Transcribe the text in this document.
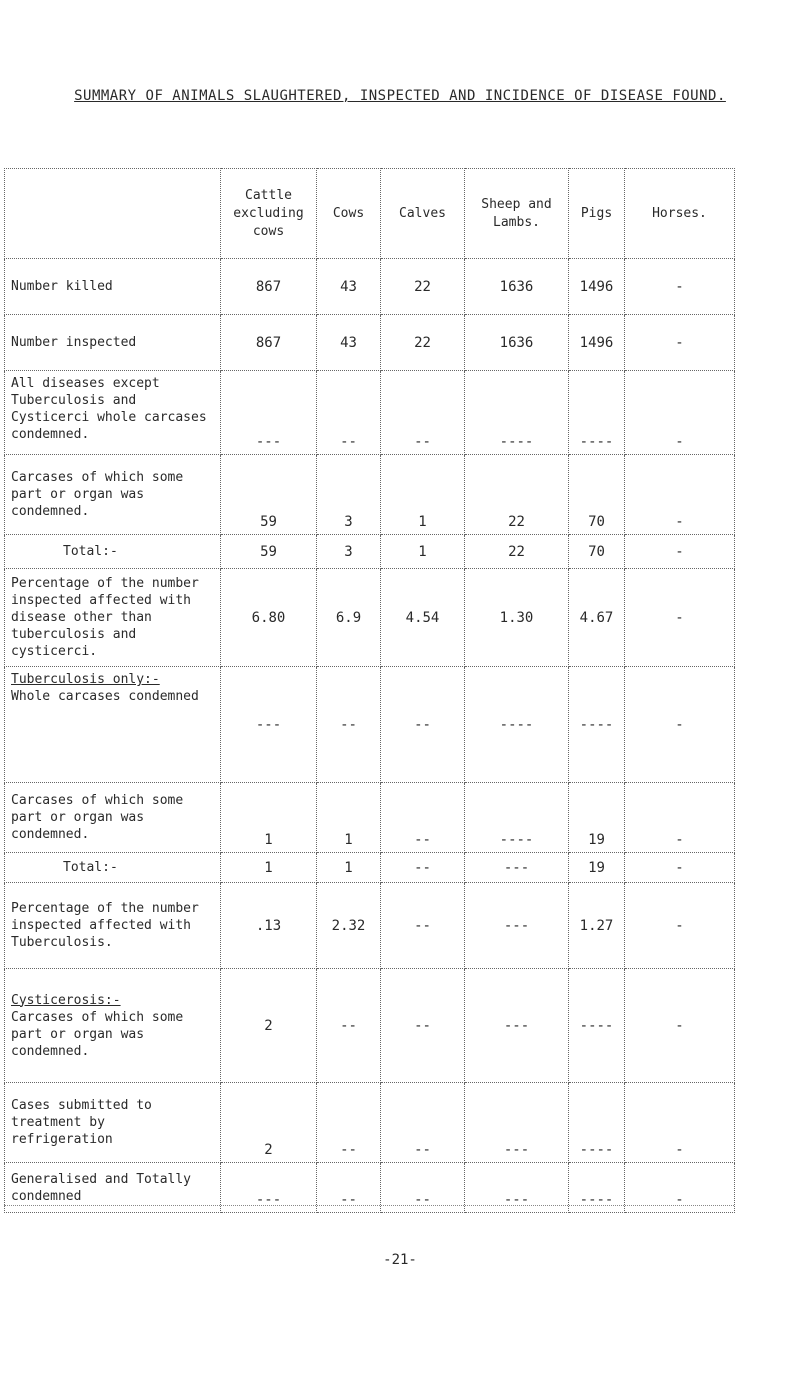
SUMMARY OF ANIMALS SLAUGHTERED, INSPECTED AND INCIDENCE OF DISEASE FOUND.
	Cattle excluding cows	Cows	Calves	Sheep and Lambs.	Pigs	Horses.
Number killed	867	43	22	1636	1496	-
Number inspected	867	43	22	1636	1496	-
All diseases except Tuberculosis and Cysticerci whole carcases condemned.	---	--	--	----	----	-
Carcases of which some part or organ was condemned.	59	3	1	22	70	-
Total:-	59	3	1	22	70	-
Percentage of the number inspected affected with disease other than tuberculosis and cysticerci.	6.80	6.9	4.54	1.30	4.67	-
Tuberculosis only:-
Whole carcases condemned	---	--	--	----	----	-
Carcases of which some part or organ was condemned.	1	1	--	----	19	-
Total:-	1	1	--	---	19	-
Percentage of the number inspected affected with Tuberculosis.	.13	2.32	--	---	1.27	-
Cysticerosis:-
Carcases of which some part or organ was condemned.	2	--	--	---	----	-
Cases submitted to treatment by refrigeration	2	--	--	---	----	-
Generalised and Totally condemned	---	--	--	---	----	-
-21-
